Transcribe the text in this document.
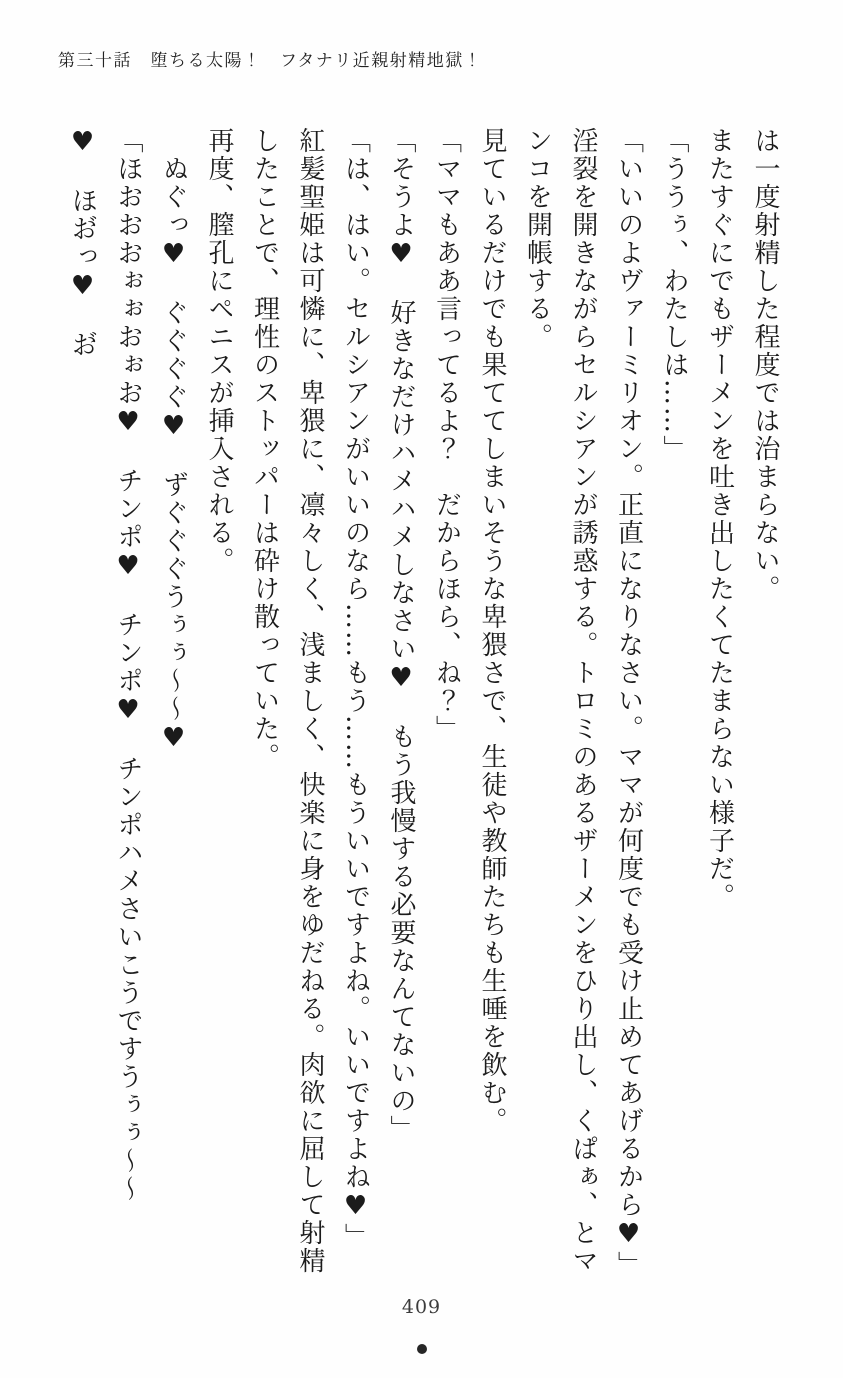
第三十話　堕ちる太陽！　フタナリ近親射精地獄！

は一度射精した程度では治まらない。

またすぐにでもザーメンを吐き出したくてたまらない様子だ。

「ううぅ、わたしは……」

「いいのよヴァーミリオン。正直になりなさい。ママが何度でも受け止めてあげるから♥」

淫裂を開きながらセルシアンが誘惑する。トロミのあるザーメンをひり出し、くぱぁ、とマンコを開帳する。

見ているだけでも果ててしまいそうな卑猥さで、生徒や教師たちも生唾を飲む。

「ママもああ言ってるよ？　だからほら、ね？」

「そうよ♥　好きなだけハメハメしなさい♥　もう我慢する必要なんてないの」

「は、はい。セルシアンがいいのなら……もう……もういいですよね。いいですよね♥」

紅髪聖姫は可憐に、卑猥に、凛々しく、浅ましく、快楽に身をゆだねる。肉欲に屈して射精したことで、理性のストッパーは砕け散っていた。

再度、膣孔にペニスが挿入される。

　ぬぐっ♥　ぐぐぐぐ♥　ずぐぐぐうぅぅ〜〜♥

「ほおおおぉぉおぉお♥　チンポ♥　チンポ♥　チンポハメさいこうですうぅぅ〜〜

♥　ほお゙っ♥　お゙

409
